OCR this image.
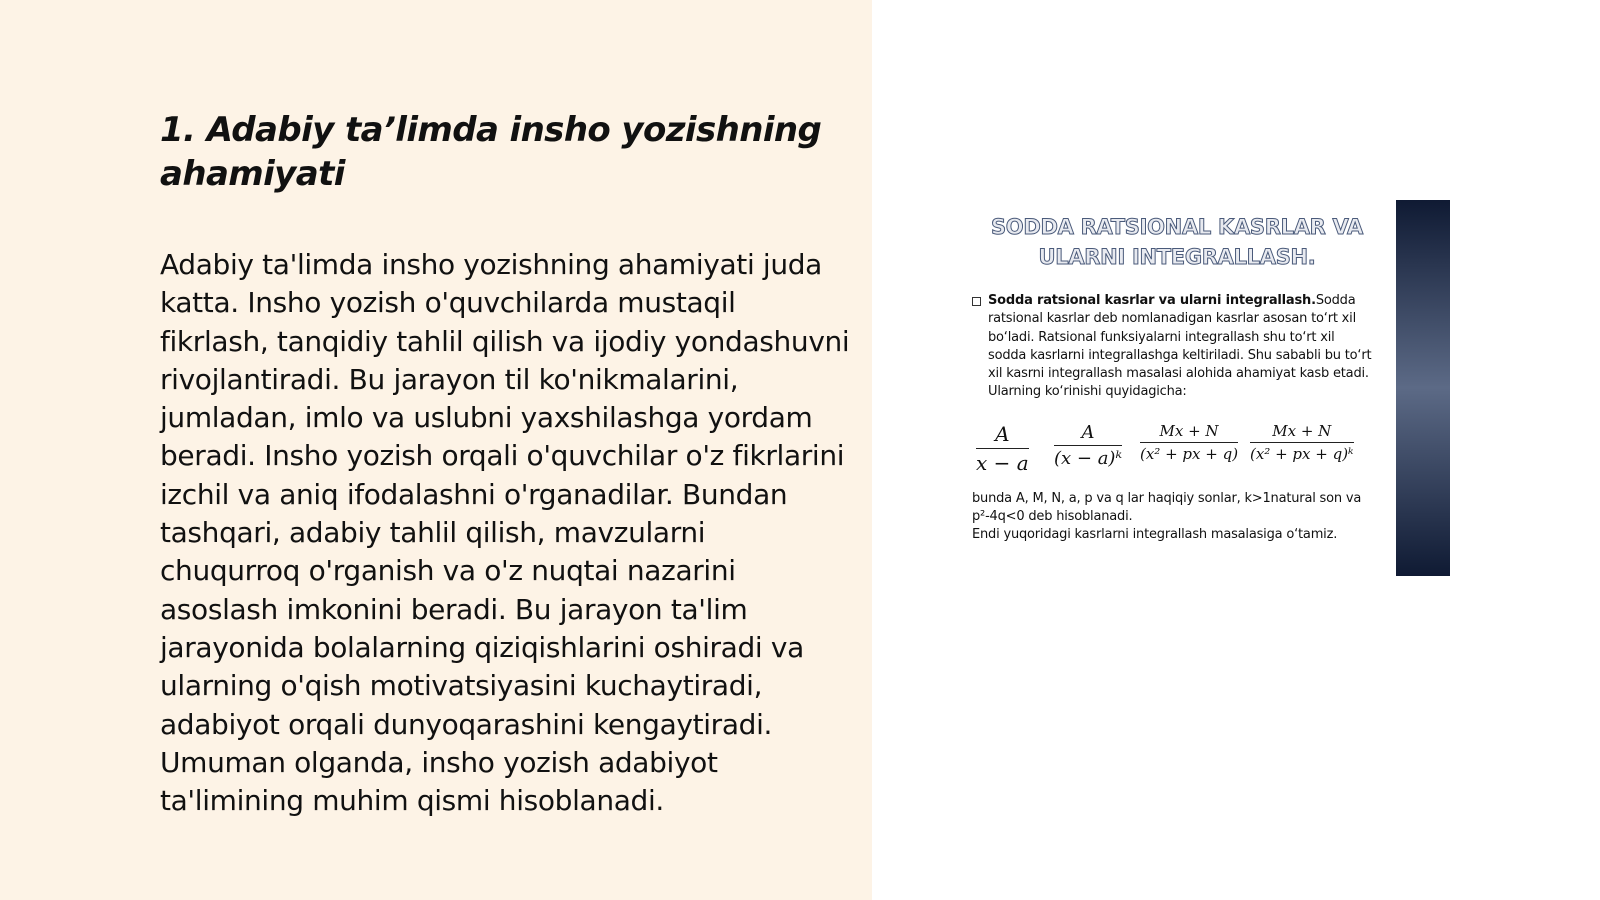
1. Adabiy ta’limda insho yozishning ahamiyati

Adabiy ta'limda insho yozishning ahamiyati juda katta. Insho yozish o'quvchilarda mustaqil fikrlash, tanqidiy tahlil qilish va ijodiy yondashuvni rivojlantiradi. Bu jarayon til ko'nikmalarini, jumladan, imlo va uslubni yaxshilashga yordam beradi. Insho yozish orqali o'quvchilar o'z fikrlarini izchil va aniq ifodalashni o'rganadilar. Bundan tashqari, adabiy tahlil qilish, mavzularni chuqurroq o'rganish va o'z nuqtai nazarini asoslash imkonini beradi. Bu jarayon ta'lim jarayonida bolalarning qiziqishlarini oshiradi va ularning o'qish motivatsiyasini kuchaytiradi, adabiyot orqali dunyoqarashini kengaytiradi. Umuman olganda, insho yozish adabiyot ta'limining muhim qismi hisoblanadi.

SODDA RATSIONAL KASRLAR VA
ULARNI INTEGRALLASH.
Sodda ratsional kasrlar va ularni integrallash.Sodda ratsional kasrlar deb nomlanadigan kasrlar asosan to‘rt xil bo‘ladi. Ratsional funksiyalarni integrallash shu to‘rt xil sodda kasrlarni integrallashga keltiriladi. Shu sababli bu to‘rt xil kasrni integrallash masalasi alohida ahamiyat kasb etadi. Ularning ko‘rinishi quyidagicha:
$\frac{A}{x - a} \frac{A}{\text{(x − a)ᵏ}} \frac{Mx + N}{\text{(x² + px + q)}} \frac{Mx + N}{\text{(x² + px + q)ᵏ}}$

bunda A, M, N, a, p va q lar haqiqiy sonlar, k>1natural son va p²-4q<0 deb hisoblanadi.

Endi yuqoridagi kasrlarni integrallash masalasiga o‘tamiz.
